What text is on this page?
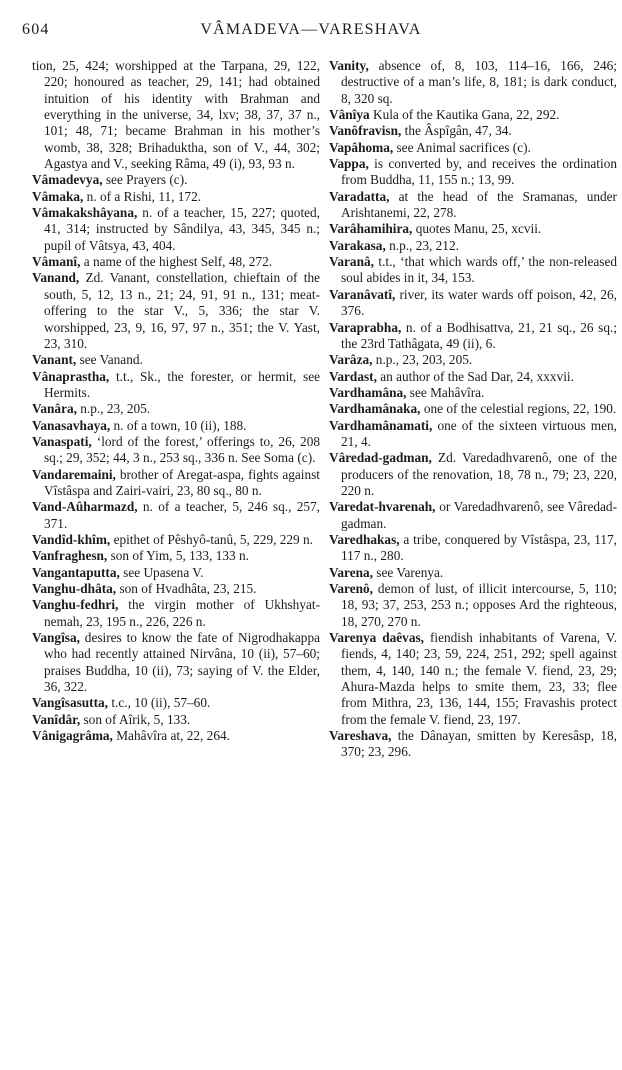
604	VÂMADEVA—VARESHAVA

tion, 25, 424; worshipped at the Tarpana, 29, 122, 220; honoured as teacher, 29, 141; had obtained intuition of his identity with Brahman and everything in the universe, 34, lxv; 38, 37, 37 n., 101; 48, 71; became Brahman in his mother’s womb, 38, 328; Brihaduktha, son of V., 44, 302; Agastya and V., seeking Râma, 49 (i), 93, 93 n.

Vâmadevya, see Prayers (c).

Vâmaka, n. of a Rishi, 11, 172.

Vâmakakshâyana, n. of a teacher, 15, 227; quoted, 41, 314; instructed by Sândilya, 43, 345, 345 n.; pupil of Vâtsya, 43, 404.

Vâmanî, a name of the highest Self, 48, 272.

Vanand, Zd. Vanant, constellation, chieftain of the south, 5, 12, 13 n., 21; 24, 91, 91 n., 131; meat-offering to the star V., 5, 336; the star V. worshipped, 23, 9, 16, 97, 97 n., 351; the V. Yast, 23, 310.

Vanant, see Vanand.

Vânaprastha, t.t., Sk., the forester, or hermit, see Hermits.

Vanâra, n.p., 23, 205.

Vanasavhaya, n. of a town, 10 (ii), 188.

Vanaspati, ‘lord of the forest,’ offerings to, 26, 208 sq.; 29, 352; 44, 3 n., 253 sq., 336 n. See Soma (c).

Vandaremaini, brother of Aregat-aspa, fights against Vîstâspa and Zairi-vairi, 23, 80 sq., 80 n.

Vand-Aûharmazd, n. of a teacher, 5, 246 sq., 257, 371.

Vandîd-khîm, epithet of Pêshyô-tanû, 5, 229, 229 n.

Vanfraghesn, son of Yim, 5, 133, 133 n.

Vangantaputta, see Upasena V.

Vanghu-dhâta, son of Hvadhâta, 23, 215.

Vanghu-fedhri, the virgin mother of Ukhshyat-nemah, 23, 195 n., 226, 226 n.

Vangîsa, desires to know the fate of Nigrodhakappa who had recently attained Nirvâna, 10 (ii), 57–60; praises Buddha, 10 (ii), 73; saying of V. the Elder, 36, 322.

Vangîsasutta, t.c., 10 (ii), 57–60.

Vanîdâr, son of Aîrik, 5, 133.

Vânigagrâma, Mahâvîra at, 22, 264.

Vanity, absence of, 8, 103, 114–16, 166, 246; destructive of a man’s life, 8, 181; is dark conduct, 8, 320 sq.

Vânîya Kula of the Kautika Gana, 22, 292.

Vanôfravisn, the Âspîgân, 47, 34.

Vapâhoma, see Animal sacrifices (c).

Vappa, is converted by, and receives the ordination from Buddha, 11, 155 n.; 13, 99.

Varadatta, at the head of the Sramanas, under Arishtanemi, 22, 278.

Varâhamihira, quotes Manu, 25, xcvii.

Varakasa, n.p., 23, 212.

Varanâ, t.t., ‘that which wards off,’ the non-released soul abides in it, 34, 153.

Varanâvatî, river, its water wards off poison, 42, 26, 376.

Varaprabha, n. of a Bodhisattva, 21, 21 sq., 26 sq.; the 23rd Tathâgata, 49 (ii), 6.

Varâza, n.p., 23, 203, 205.

Vardast, an author of the Sad Dar, 24, xxxvii.

Vardhamâna, see Mahâvîra.

Vardhamânaka, one of the celestial regions, 22, 190.

Vardhamânamati, one of the sixteen virtuous men, 21, 4.

Vâredad-gadman, Zd. Varedadhvarenô, one of the producers of the renovation, 18, 78 n., 79; 23, 220, 220 n.

Varedat-hvarenah, or Varedadhvarenô, see Vâredad-gadman.

Varedhakas, a tribe, conquered by Vîstâspa, 23, 117, 117 n., 280.

Varena, see Varenya.

Varenô, demon of lust, of illicit intercourse, 5, 110; 18, 93; 37, 253, 253 n.; opposes Ard the righteous, 18, 270, 270 n.

Varenya daêvas, fiendish inhabitants of Varena, V. fiends, 4, 140; 23, 59, 224, 251, 292; spell against them, 4, 140, 140 n.; the female V. fiend, 23, 29; Ahura-Mazda helps to smite them, 23, 33; flee from Mithra, 23, 136, 144, 155; Fravashis protect from the female V. fiend, 23, 197.

Vareshava, the Dânayan, smitten by Keresâsp, 18, 370; 23, 296.
